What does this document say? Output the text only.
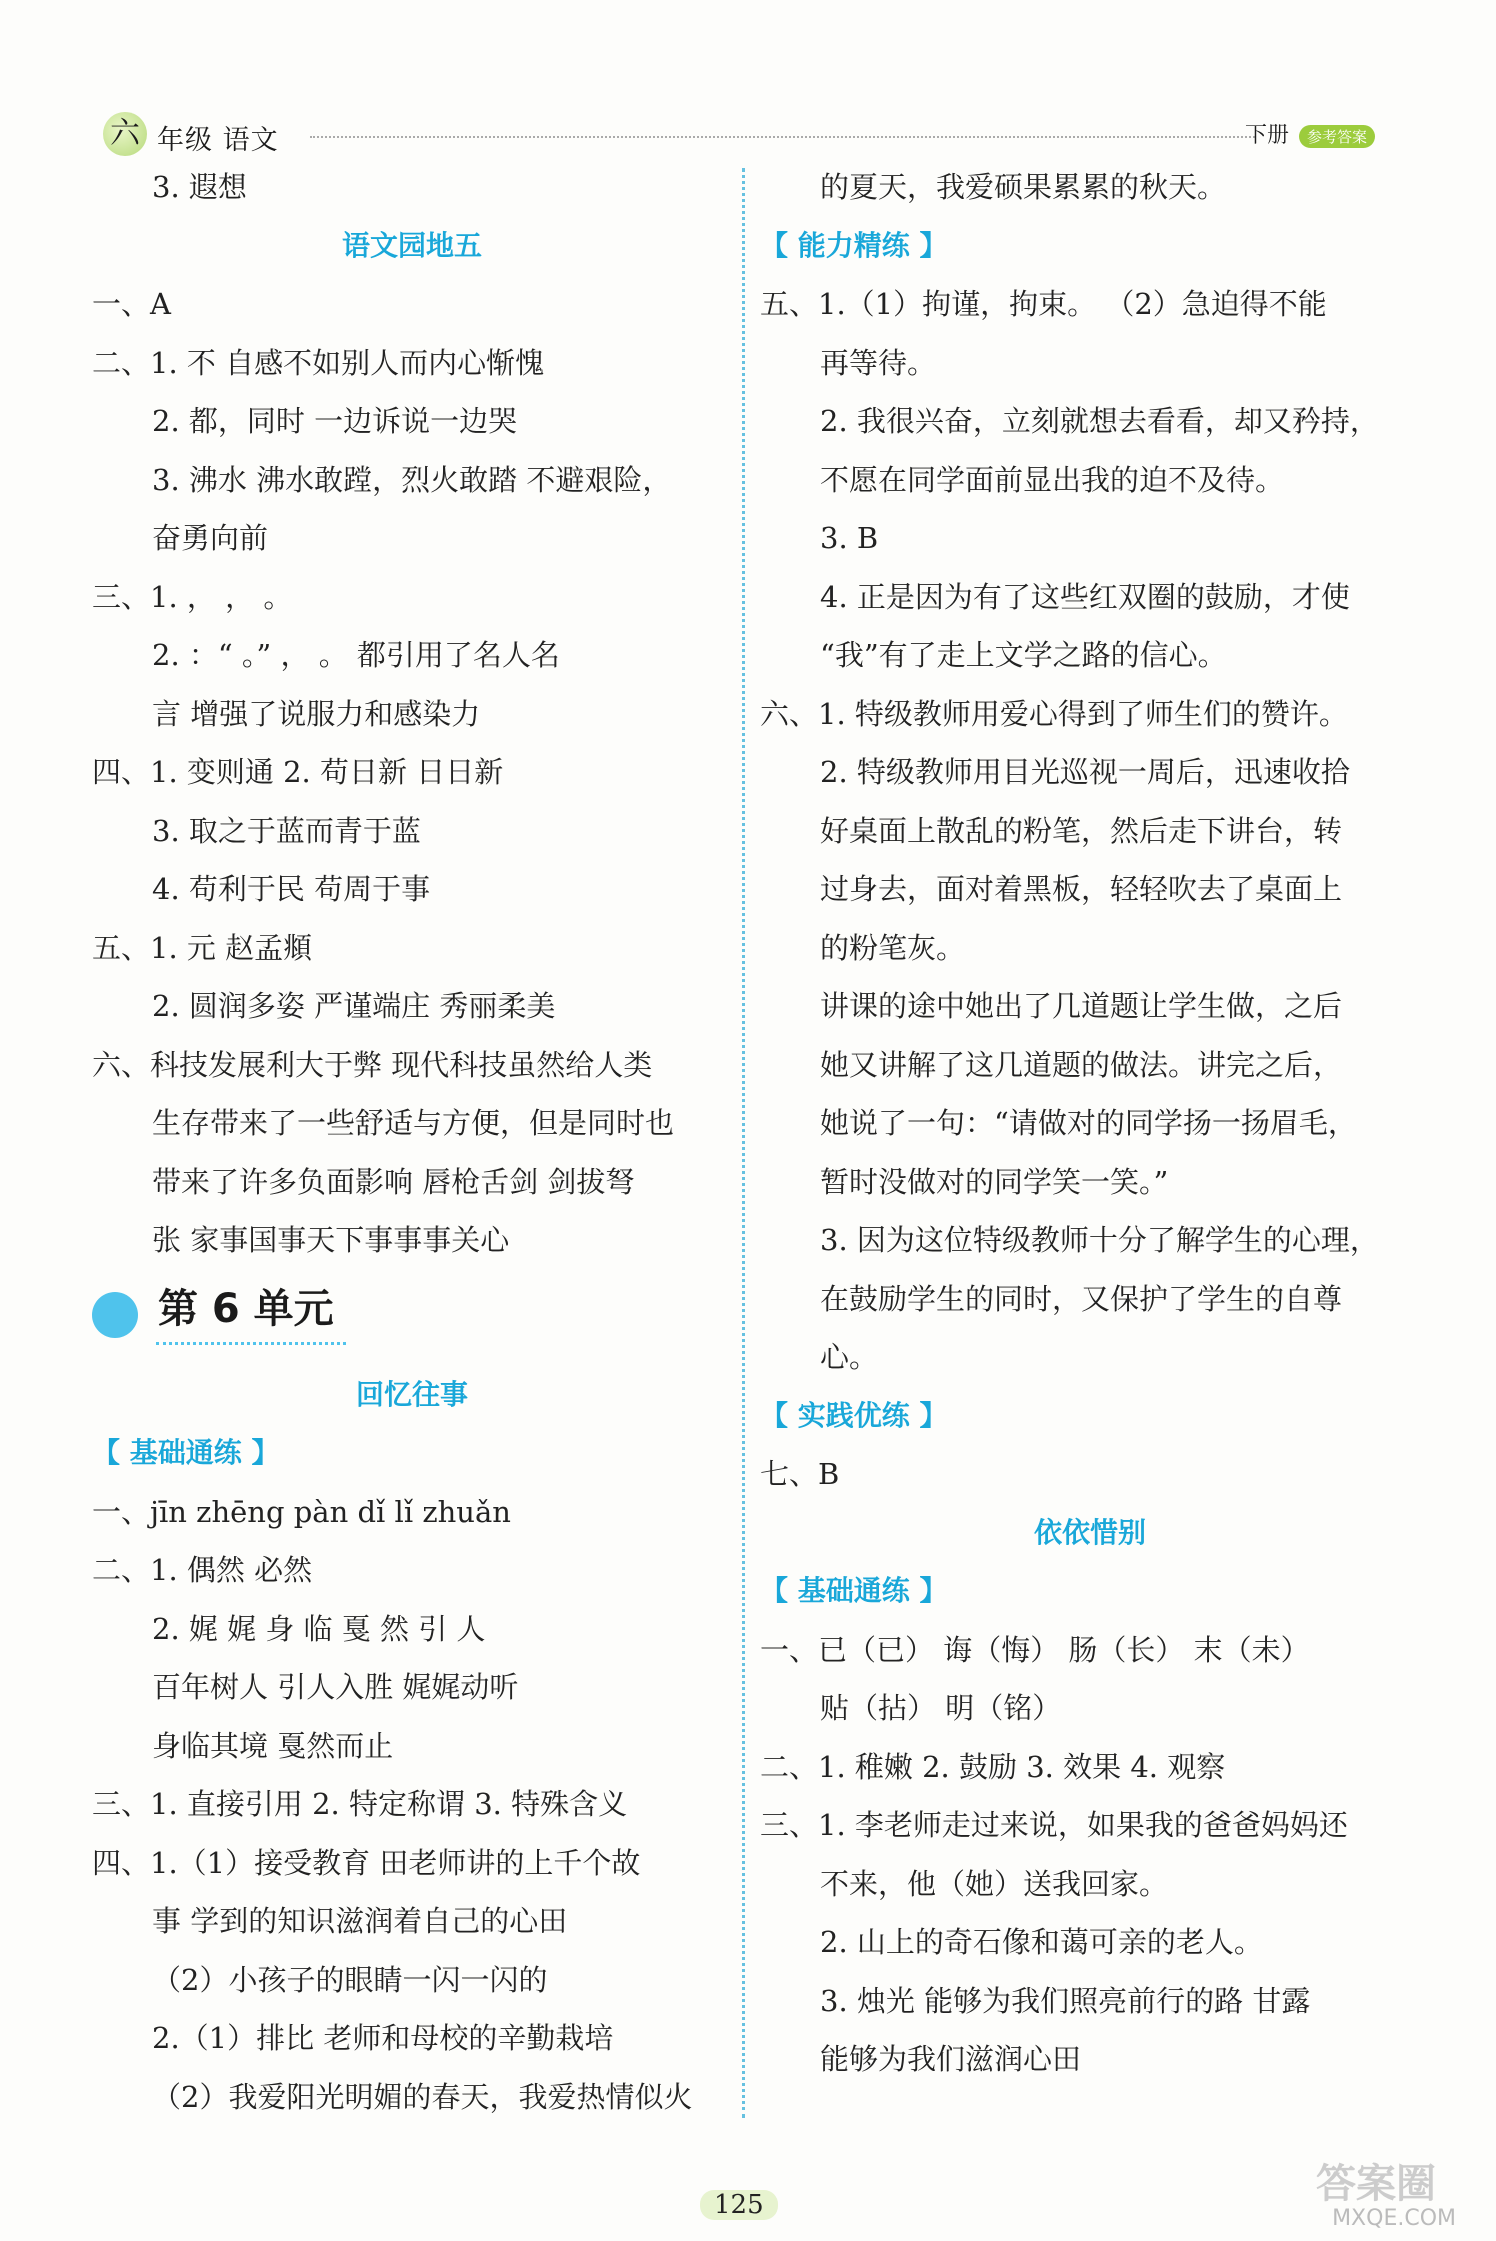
六 年级 语文	下册 参考答案
3. 遐想
语文园地五
一、A
二、1. 不 自感不如别人而内心惭愧
2. 都，同时 一边诉说一边哭
3. 沸水 沸水敢蹚，烈火敢踏 不避艰险，
奋勇向前
三、1. ， ， 。
2. ：“ 。” ， 。 都引用了名人名
言 增强了说服力和感染力
四、1. 变则通 2. 苟日新 日日新
3. 取之于蓝而青于蓝
4. 苟利于民 苟周于事
五、1. 元 赵孟頫
2. 圆润多姿 严谨端庄 秀丽柔美
六、科技发展利大于弊 现代科技虽然给人类
生存带来了一些舒适与方便，但是同时也
带来了许多负面影响 唇枪舌剑 剑拔弩
张 家事国事天下事事事关心
第 6 单元
回忆往事
【 基础通练 】
一、jīn zhēng pàn dǐ lǐ zhuǎn
二、1. 偶然 必然
2. 娓 娓 身 临 戛 然 引 人
百年树人 引人入胜 娓娓动听
身临其境 戛然而止
三、1. 直接引用 2. 特定称谓 3. 特殊含义
四、1.（1）接受教育 田老师讲的上千个故
事 学到的知识滋润着自己的心田
（2）小孩子的眼睛一闪一闪的
2.（1）排比 老师和母校的辛勤栽培
（2）我爱阳光明媚的春天，我爱热情似火
的夏天，我爱硕果累累的秋天。
【 能力精练 】
五、1.（1）拘谨，拘束。 （2）急迫得不能
再等待。
2. 我很兴奋，立刻就想去看看，却又矜持，
不愿在同学面前显出我的迫不及待。
3. B
4. 正是因为有了这些红双圈的鼓励，才使
“我”有了走上文学之路的信心。
六、1. 特级教师用爱心得到了师生们的赞许。
2. 特级教师用目光巡视一周后，迅速收拾
好桌面上散乱的粉笔，然后走下讲台，转
过身去，面对着黑板，轻轻吹去了桌面上
的粉笔灰。
讲课的途中她出了几道题让学生做，之后
她又讲解了这几道题的做法。讲完之后，
她说了一句：“请做对的同学扬一扬眉毛，
暂时没做对的同学笑一笑。”
3. 因为这位特级教师十分了解学生的心理，
在鼓励学生的同时，又保护了学生的自尊
心。
【 实践优练 】
七、B
依依惜别
【 基础通练 】
一、已（已） 诲（悔） 肠（长） 末（未）
贴（拈） 明（铭）
二、1. 稚嫩 2. 鼓励 3. 效果 4. 观察
三、1. 李老师走过来说，如果我的爸爸妈妈还
不来，他（她）送我回家。
2. 山上的奇石像和蔼可亲的老人。
3. 烛光 能够为我们照亮前行的路 甘露
能够为我们滋润心田
125	答案圈
MXQE.COM
